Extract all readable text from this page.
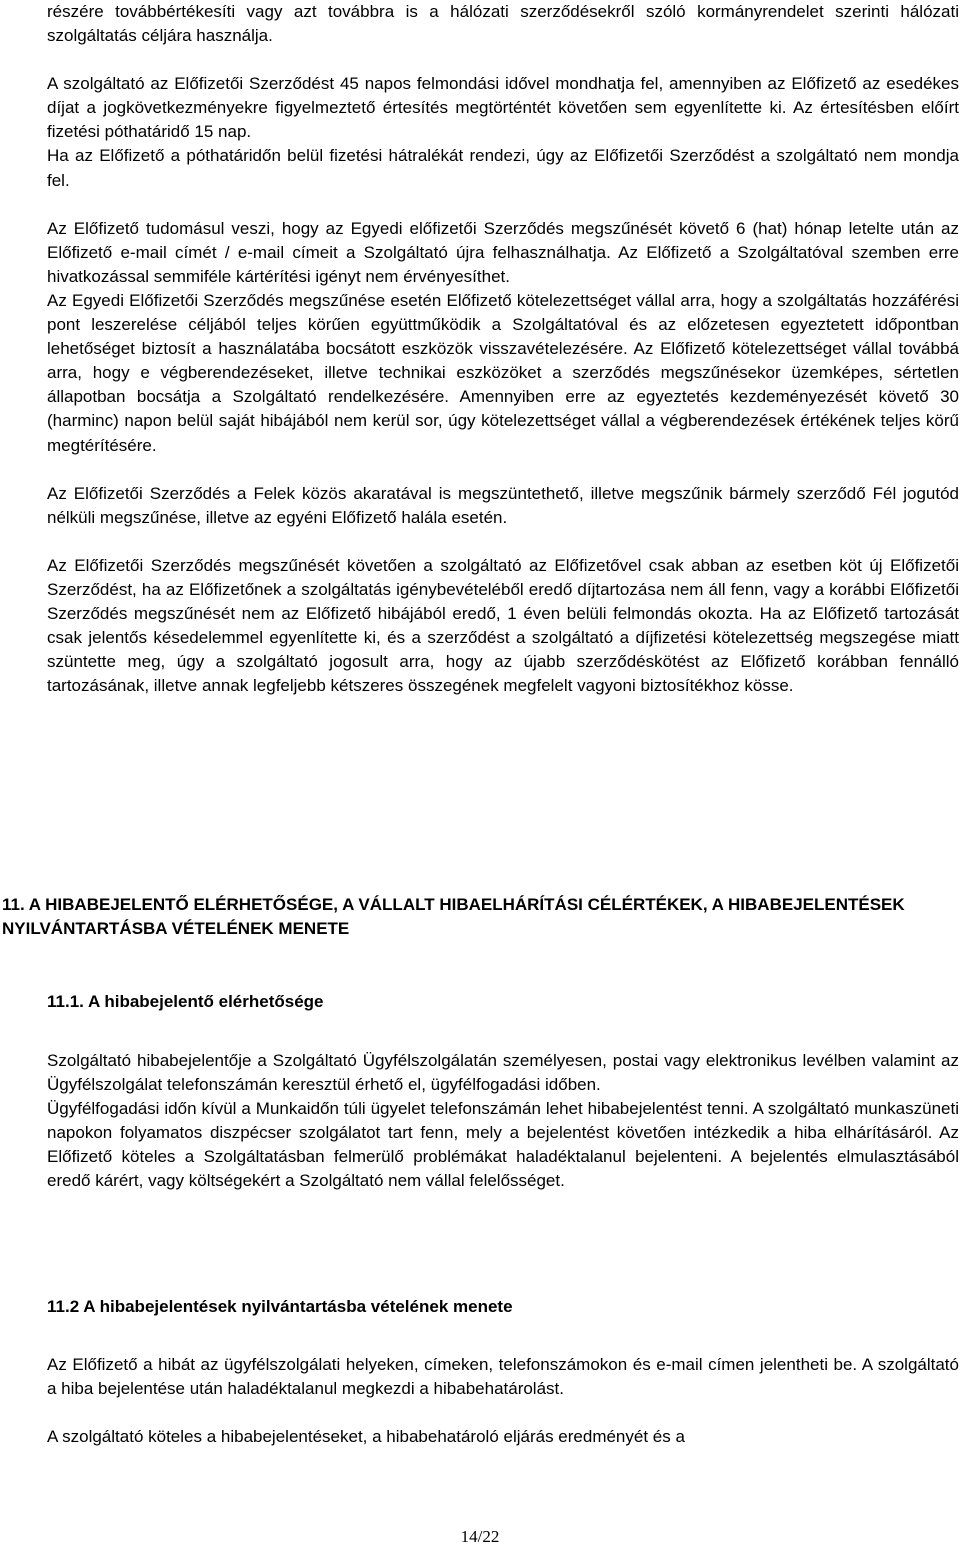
részére továbbértékesíti vagy azt továbbra is a hálózati szerződésekről szóló kormányrendelet szerinti hálózati szolgáltatás céljára használja.

A szolgáltató az Előfizetői Szerződést 45 napos felmondási idővel mondhatja fel, amennyiben az Előfizető az esedékes díjat a jogkövetkezményekre figyelmeztető értesítés megtörténtét követően sem egyenlítette ki. Az értesítésben előírt fizetési póthatáridő 15 nap.

Ha az Előfizető a póthatáridőn belül fizetési hátralékát rendezi, úgy az Előfizetői Szerződést a szolgáltató nem mondja fel.

Az Előfizető tudomásul veszi, hogy az Egyedi előfizetői Szerződés megszűnését követő 6 (hat) hónap letelte után az Előfizető e-mail címét / e-mail címeit a Szolgáltató újra felhasználhatja. Az Előfizető a Szolgáltatóval szemben erre hivatkozással semmiféle kártérítési igényt nem érvényesíthet.

Az Egyedi Előfizetői Szerződés megszűnése esetén Előfizető kötelezettséget vállal arra, hogy a szolgáltatás hozzáférési pont leszerelése céljából teljes körűen együttműködik a Szolgáltatóval és az előzetesen egyeztetett időpontban lehetőséget biztosít a használatába bocsátott eszközök visszavételezésére. Az Előfizető kötelezettséget vállal továbbá arra, hogy e végberendezéseket, illetve technikai eszközöket a szerződés megszűnésekor üzemképes, sértetlen állapotban bocsátja a Szolgáltató rendelkezésére. Amennyiben erre az egyeztetés kezdeményezését követő 30 (harminc) napon belül saját hibájából nem kerül sor, úgy kötelezettséget vállal a végberendezések értékének teljes körű megtérítésére.

Az Előfizetői Szerződés a Felek közös akaratával is megszüntethető, illetve megszűnik bármely szerződő Fél jogutód nélküli megszűnése, illetve az egyéni Előfizető halála esetén.

Az Előfizetői Szerződés megszűnését követően a szolgáltató az Előfizetővel csak abban az esetben köt új Előfizetői Szerződést, ha az Előfizetőnek a szolgáltatás igénybevételéből eredő díjtartozása nem áll fenn, vagy a korábbi Előfizetői Szerződés megszűnését nem az Előfizető hibájából eredő, 1 éven belüli felmondás okozta. Ha az Előfizető tartozását csak jelentős késedelemmel egyenlítette ki, és a szerződést a szolgáltató a díjfizetési kötelezettség megszegése miatt szüntette meg, úgy a szolgáltató jogosult arra, hogy az újabb szerződéskötést az Előfizető korábban fennálló tartozásának, illetve annak legfeljebb kétszeres összegének megfelelt vagyoni biztosítékhoz kösse.

11. A HIBABEJELENTŐ ELÉRHETŐSÉGE, A VÁLLALT HIBAELHÁRÍTÁSI CÉLÉRTÉKEK, A HIBABEJELENTÉSEK NYILVÁNTARTÁSBA VÉTELÉNEK MENETE
11.1. A hibabejelentő elérhetősége

Szolgáltató hibabejelentője a Szolgáltató Ügyfélszolgálatán személyesen, postai vagy elektronikus levélben valamint az Ügyfélszolgálat telefonszámán keresztül érhető el, ügyfélfogadási időben.

Ügyfélfogadási időn kívül a Munkaidőn túli ügyelet telefonszámán lehet hibabejelentést tenni. A szolgáltató munkaszüneti napokon folyamatos diszpécser szolgálatot tart fenn, mely a bejelentést követően intézkedik a hiba elhárításáról. Az Előfizető köteles a Szolgáltatásban felmerülő problémákat haladéktalanul bejelenteni. A bejelentés elmulasztásából eredő kárért, vagy költségekért a Szolgáltató nem vállal felelősséget.

11.2 A hibabejelentések nyilvántartásba vételének menete

Az Előfizető a hibát az ügyfélszolgálati helyeken, címeken, telefonszámokon és e-mail címen jelentheti be. A szolgáltató a hiba bejelentése után haladéktalanul megkezdi a hibabehatárolást.

A szolgáltató köteles a hibabejelentéseket, a hibabehatároló eljárás eredményét és a

14/22
